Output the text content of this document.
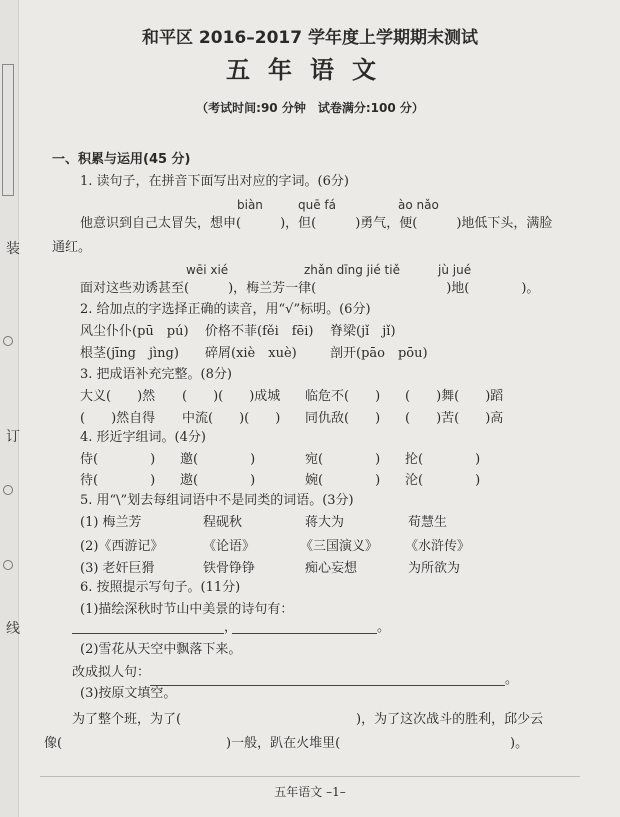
装
订
线
和平区 2016–2017 学年度上学期期末测试
五年语文
（考试时间:90 分钟　试卷满分:100 分）
一、积累与运用(45 分)
1. 读句子，在拼音下面写出对应的字词。(6分)
biàn	quē fá	ào nǎo
他意识到自己太冒失，想申(　　　)，但(　　　)勇气，便(　　　)地低下头，满脸
通红。
wēi xié	zhǎn dīng jié tiě	jù jué
面对这些劝诱甚至(　　　)，梅兰芳一律(　　　　　　　　　　)地(　　　　)。
2. 给加点的字选择正确的读音，用“√”标明。(6分)
风尘仆仆(pū　pú) 价格不菲(fěi　fēi) 脊梁(jǐ　jǐ)
根茎(jīng　jìng) 碎屑(xiè　xuè)	剖开(pāo　pōu)
3. 把成语补充完整。(8分)
大义(　　)然 (　　)(　　)成城 临危不(　　) (　　)舞(　　)蹈
(　　)然自得 中流(　　)(　　) 同仇敌(　　) (　　)苦(　　)高
4. 形近字组词。(4分)
侍(　　　　) 邀(　　　　)	宛(　　　　) 抡(　　　　)
待(　　　　) 遨(　　　　)	婉(　　　　) 沦(　　　　)
5. 用“\”划去每组词语中不是同类的词语。(3分)
(1) 梅兰芳	程砚秋	蒋大为	荀慧生
(2)《西游记》	《论语》	《三国演义》 《水浒传》
(3) 老奸巨猾	铁骨铮铮	痴心妄想	为所欲为
6. 按照提示写句子。(11分)
(1)描绘深秋时节山中美景的诗句有：
，	。
(2)雪花从天空中飘落下来。
改成拟人句：	。
(3)按原文填空。
为了整个班，为了(	)，为了这次战斗的胜利，邱少云
像(	)一般，趴在火堆里(	)。
五年语文 –1–
